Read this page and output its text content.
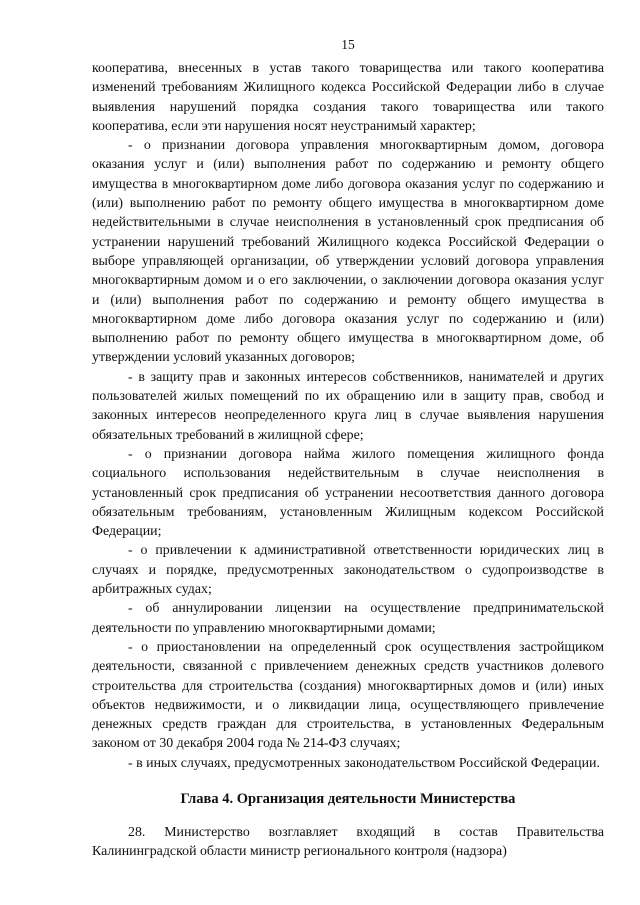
15

кооператива, внесенных в устав такого товарищества или такого кооператива изменений требованиям Жилищного кодекса Российской Федерации либо в случае выявления нарушений порядка создания такого товарищества или такого кооператива, если эти нарушения носят неустранимый характер;

- о признании договора управления многоквартирным домом, договора оказания услуг и (или) выполнения работ по содержанию и ремонту общего имущества в многоквартирном доме либо договора оказания услуг по содержанию и (или) выполнению работ по ремонту общего имущества в многоквартирном доме недействительными в случае неисполнения в установленный срок предписания об устранении нарушений требований Жилищного кодекса Российской Федерации о выборе управляющей организации, об утверждении условий договора управления многоквартирным домом и о его заключении, о заключении договора оказания услуг и (или) выполнения работ по содержанию и ремонту общего имущества в многоквартирном доме либо договора оказания услуг по содержанию и (или) выполнению работ по ремонту общего имущества в многоквартирном доме, об утверждении условий указанных договоров;

- в защиту прав и законных интересов собственников, нанимателей и других пользователей жилых помещений по их обращению или в защиту прав, свобод и законных интересов неопределенного круга лиц в случае выявления нарушения обязательных требований в жилищной сфере;

- о признании договора найма жилого помещения жилищного фонда социального использования недействительным в случае неисполнения в установленный срок предписания об устранении несоответствия данного договора обязательным требованиям, установленным Жилищным кодексом Российской Федерации;

- о привлечении к административной ответственности юридических лиц в случаях и порядке, предусмотренных законодательством о судопроизводстве в арбитражных судах;

- об аннулировании лицензии на осуществление предпринимательской деятельности по управлению многоквартирными домами;

- о приостановлении на определенный срок осуществления застройщиком деятельности, связанной с привлечением денежных средств участников долевого строительства для строительства (создания) многоквартирных домов и (или) иных объектов недвижимости, и о ликвидации лица, осуществляющего привлечение денежных средств граждан для строительства, в установленных Федеральным законом от 30 декабря 2004 года № 214-ФЗ случаях;

- в иных случаях, предусмотренных законодательством Российской Федерации.

Глава 4. Организация деятельности Министерства

28. Министерство возглавляет входящий в состав Правительства Калининградской области министр регионального контроля (надзора)
